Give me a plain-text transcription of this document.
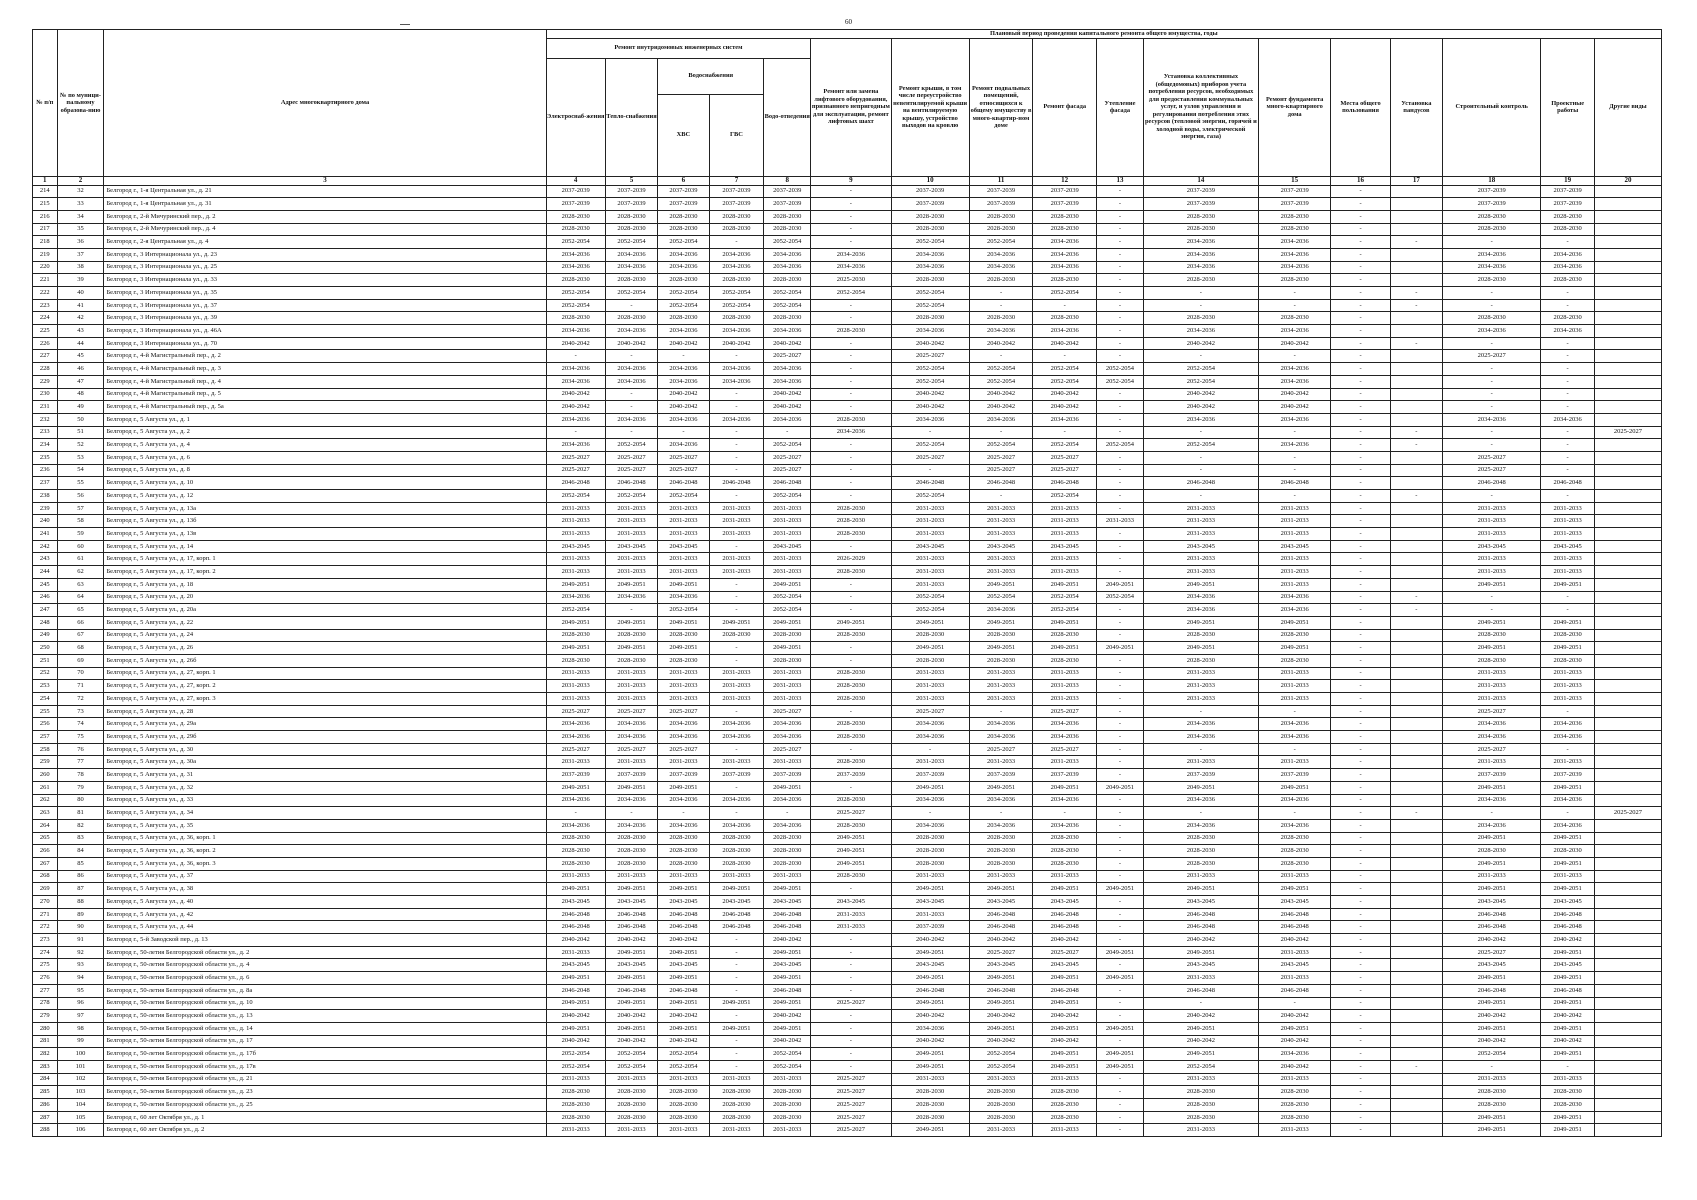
60
№ п/п	№ по муници-пальному образова-нию	Адрес многоквартирного дома	Плановый период проведения капитального ремонта общего имущества, годы																
			Ремонт внутридомовых инженерных систем					Ремонт или замена лифтового оборудования, признанного непригодным для эксплуатации, ремонт лифтовых шахт	Ремонт крыши, в том числе переустройство невентилируемой крыши на вентилируемую крышу, устройство выходов на кровлю	Ремонт подвальных помещений, относящихся к общему имуществу в много-квартир-ном доме	Ремонт фасада	Утепление фасада	Установка коллективных (общедомовых) приборов учета потребления ресурсов, необходимых для предоставления коммунальных услуг, и узлов управления и регулирования потребления этих ресурсов (тепловой энергии, горячей и холодной воды, электрической энергии, газа)	Ремонт фундамента много-квартирного дома	Места общего пользования	Установка пандусов	Строительный контроль	Проектные работы	Другие виды
			Электроснаб-жения	Тепло-снабжения	Водоснабжения		Водо-отведения												
					ХВС	ГВС													
1	2	3	4	5	6	7	8	9	10	11	12	13	14	15	16	17	18	19	20
214	32	Белгород г., 1-я Центральная ул., д. 21	2037-2039	2037-2039	2037-2039	2037-2039	2037-2039	-	2037-2039	2037-2039	2037-2039	-	2037-2039	2037-2039	-		2037-2039	2037-2039	
215	33	Белгород г., 1-я Центральная ул., д. 31	2037-2039	2037-2039	2037-2039	2037-2039	2037-2039	-	2037-2039	2037-2039	2037-2039	-	2037-2039	2037-2039	-		2037-2039	2037-2039	
216	34	Белгород г., 2-й Мичуринский пер., д. 2	2028-2030	2028-2030	2028-2030	2028-2030	2028-2030	-	2028-2030	2028-2030	2028-2030	-	2028-2030	2028-2030	-		2028-2030	2028-2030	
217	35	Белгород г., 2-й Мичуринский пер., д. 4	2028-2030	2028-2030	2028-2030	2028-2030	2028-2030	-	2028-2030	2028-2030	2028-2030	-	2028-2030	2028-2030	-		2028-2030	2028-2030	
218	36	Белгород г., 2-я Центральная ул., д. 4	2052-2054	2052-2054	2052-2054	-	2052-2054	-	2052-2054	2052-2054	2034-2036	-	2034-2036	2034-2036	-	-	-	-	
219	37	Белгород г., 3 Интернационала ул., д. 23	2034-2036	2034-2036	2034-2036	2034-2036	2034-2036	2034-2036	2034-2036	2034-2036	2034-2036	-	2034-2036	2034-2036	-		2034-2036	2034-2036	
220	38	Белгород г., 3 Интернационала ул., д. 25	2034-2036	2034-2036	2034-2036	2034-2036	2034-2036	2034-2036	2034-2036	2034-2036	2034-2036	-	2034-2036	2034-2036	-		2034-2036	2034-2036	
221	39	Белгород г., 3 Интернационала ул., д. 33	2028-2030	2028-2030	2028-2030	2028-2030	2028-2030	2025-2030	2028-2030	2028-2030	2028-2030	-	2028-2030	2028-2030	-		2028-2030	2028-2030	
222	40	Белгород г., 3 Интернационала ул., д. 35	2052-2054	2052-2054	2052-2054	2052-2054	2052-2054	2052-2054	2052-2054	-	2052-2054	-	-	-	-	-	-	-	
223	41	Белгород г., 3 Интернационала ул., д. 37	2052-2054	-	2052-2054	2052-2054	2052-2054	-	2052-2054	-	-	-	-	-	-	-	-	-	
224	42	Белгород г., 3 Интернационала ул., д. 39	2028-2030	2028-2030	2028-2030	2028-2030	2028-2030	-	2028-2030	2028-2030	2028-2030	-	2028-2030	2028-2030	-		2028-2030	2028-2030	
225	43	Белгород г., 3 Интернационала ул., д. 46А	2034-2036	2034-2036	2034-2036	2034-2036	2034-2036	2028-2030	2034-2036	2034-2036	2034-2036	-	2034-2036	2034-2036	-		2034-2036	2034-2036	
226	44	Белгород г., 3 Интернационала ул., д. 70	2040-2042	2040-2042	2040-2042	2040-2042	2040-2042	-	2040-2042	2040-2042	2040-2042	-	2040-2042	2040-2042	-	-	-	-	
227	45	Белгород г., 4-й Магистральный пер., д. 2	-	-	-	-	2025-2027	-	2025-2027	-	-	-	-	-	-		2025-2027	-	
228	46	Белгород г., 4-й Магистральный пер., д. 3	2034-2036	2034-2036	2034-2036	2034-2036	2034-2036	-	2052-2054	2052-2054	2052-2054	2052-2054	2052-2054	2034-2036	-		-	-	
229	47	Белгород г., 4-й Магистральный пер., д. 4	2034-2036	2034-2036	2034-2036	2034-2036	2034-2036	-	2052-2054	2052-2054	2052-2054	2052-2054	2052-2054	2034-2036	-		-	-	
230	48	Белгород г., 4-й Магистральный пер., д. 5	2040-2042	-	2040-2042	-	2040-2042	-	2040-2042	2040-2042	2040-2042	-	2040-2042	2040-2042	-		-	-	
231	49	Белгород г., 4-й Магистральный пер., д. 5а	2040-2042	-	2040-2042	-	2040-2042	-	2040-2042	2040-2042	2040-2042	-	2040-2042	2040-2042	-		-	-	
232	50	Белгород г., 5 Августа ул., д. 1	2034-2036	2034-2036	2034-2036	2034-2036	2034-2036	2028-2030	2034-2036	2034-2036	2034-2036	-	2034-2036	2034-2036	-		2034-2036	2034-2036	
233	51	Белгород г., 5 Августа ул., д. 2	-	-	-	-	-	2034-2036	-	-	-	-	-	-	-	-	-	-	2025-2027
234	52	Белгород г., 5 Августа ул., д. 4	2034-2036	2052-2054	2034-2036	-	2052-2054	-	2052-2054	2052-2054	2052-2054	2052-2054	2052-2054	2034-2036	-	-	-	-	
235	53	Белгород г., 5 Августа ул., д. 6	2025-2027	2025-2027	2025-2027	-	2025-2027	-	2025-2027	2025-2027	2025-2027	-	-	-	-		2025-2027	-	
236	54	Белгород г., 5 Августа ул., д. 8	2025-2027	2025-2027	2025-2027	-	2025-2027	-	-	2025-2027	2025-2027	-	-	-	-		2025-2027	-	
237	55	Белгород г., 5 Августа ул., д. 10	2046-2048	2046-2048	2046-2048	2046-2048	2046-2048	-	2046-2048	2046-2048	2046-2048	-	2046-2048	2046-2048	-		2046-2048	2046-2048	
238	56	Белгород г., 5 Августа ул., д. 12	2052-2054	2052-2054	2052-2054	-	2052-2054	-	2052-2054	-	2052-2054	-	-	-	-	-	-	-	
239	57	Белгород г., 5 Августа ул., д. 13а	2031-2033	2031-2033	2031-2033	2031-2033	2031-2033	2028-2030	2031-2033	2031-2033	2031-2033	-	2031-2033	2031-2033	-		2031-2033	2031-2033	
240	58	Белгород г., 5 Августа ул., д. 13б	2031-2033	2031-2033	2031-2033	2031-2033	2031-2033	2028-2030	2031-2033	2031-2033	2031-2033	2031-2033	2031-2033	2031-2033	-		2031-2033	2031-2033	
241	59	Белгород г., 5 Августа ул., д. 13в	2031-2033	2031-2033	2031-2033	2031-2033	2031-2033	2028-2030	2031-2033	2031-2033	2031-2033	-	2031-2033	2031-2033	-		2031-2033	2031-2033	
242	60	Белгород г., 5 Августа ул., д. 14	2043-2045	2043-2045	2043-2045	-	2043-2045	-	2043-2045	2043-2045	2043-2045	-	2043-2045	2043-2045	-		2043-2045	2043-2045	
243	61	Белгород г., 5 Августа ул., д. 17, корп. 1	2031-2033	2031-2033	2031-2033	2031-2033	2031-2033	2026-2029	2031-2033	2031-2033	2031-2033	-	2031-2033	2031-2033	-		2031-2033	2031-2033	
244	62	Белгород г., 5 Августа ул., д. 17, корп. 2	2031-2033	2031-2033	2031-2033	2031-2033	2031-2033	2028-2030	2031-2033	2031-2033	2031-2033	-	2031-2033	2031-2033	-		2031-2033	2031-2033	
245	63	Белгород г., 5 Августа ул., д. 18	2049-2051	2049-2051	2049-2051	-	2049-2051	-	2031-2033	2049-2051	2049-2051	2049-2051	2049-2051	2031-2033	-		2049-2051	2049-2051	
246	64	Белгород г., 5 Августа ул., д. 20	2034-2036	2034-2036	2034-2036	-	2052-2054	-	2052-2054	2052-2054	2052-2054	2052-2054	2034-2036	2034-2036	-	-	-	-	
247	65	Белгород г., 5 Августа ул., д. 20а	2052-2054	-	2052-2054	-	2052-2054	-	2052-2054	2034-2036	2052-2054	-	2034-2036	2034-2036	-	-	-	-	
248	66	Белгород г., 5 Августа ул., д. 22	2049-2051	2049-2051	2049-2051	2049-2051	2049-2051	2049-2051	2049-2051	2049-2051	2049-2051	-	2049-2051	2049-2051	-		2049-2051	2049-2051	
249	67	Белгород г., 5 Августа ул., д. 24	2028-2030	2028-2030	2028-2030	2028-2030	2028-2030	2028-2030	2028-2030	2028-2030	2028-2030	-	2028-2030	2028-2030	-		2028-2030	2028-2030	
250	68	Белгород г., 5 Августа ул., д. 26	2049-2051	2049-2051	2049-2051	-	2049-2051	-	2049-2051	2049-2051	2049-2051	2049-2051	2049-2051	2049-2051	-		2049-2051	2049-2051	
251	69	Белгород г., 5 Августа ул., д. 26б	2028-2030	2028-2030	2028-2030	-	2028-2030	-	2028-2030	2028-2030	2028-2030	-	2028-2030	2028-2030	-		2028-2030	2028-2030	
252	70	Белгород г., 5 Августа ул., д. 27, корп. 1	2031-2033	2031-2033	2031-2033	2031-2033	2031-2033	2028-2030	2031-2033	2031-2033	2031-2033	-	2031-2033	2031-2033	-		2031-2033	2031-2033	
253	71	Белгород г., 5 Августа ул., д. 27, корп. 2	2031-2033	2031-2033	2031-2033	2031-2033	2031-2033	2028-2030	2031-2033	2031-2033	2031-2033	-	2031-2033	2031-2033	-		2031-2033	2031-2033	
254	72	Белгород г., 5 Августа ул., д. 27, корп. 3	2031-2033	2031-2033	2031-2033	2031-2033	2031-2033	2028-2030	2031-2033	2031-2033	2031-2033	-	2031-2033	2031-2033	-		2031-2033	2031-2033	
255	73	Белгород г., 5 Августа ул., д. 28	2025-2027	2025-2027	2025-2027	-	2025-2027	-	2025-2027	-	2025-2027	-	-	-	-		2025-2027	-	
256	74	Белгород г., 5 Августа ул., д. 29а	2034-2036	2034-2036	2034-2036	2034-2036	2034-2036	2028-2030	2034-2036	2034-2036	2034-2036	-	2034-2036	2034-2036	-		2034-2036	2034-2036	
257	75	Белгород г., 5 Августа ул., д. 29б	2034-2036	2034-2036	2034-2036	2034-2036	2034-2036	2028-2030	2034-2036	2034-2036	2034-2036	-	2034-2036	2034-2036	-		2034-2036	2034-2036	
258	76	Белгород г., 5 Августа ул., д. 30	2025-2027	2025-2027	2025-2027	-	2025-2027	-	-	2025-2027	2025-2027	-	-	-	-		2025-2027	-	
259	77	Белгород г., 5 Августа ул., д. 30а	2031-2033	2031-2033	2031-2033	2031-2033	2031-2033	2028-2030	2031-2033	2031-2033	2031-2033	-	2031-2033	2031-2033	-		2031-2033	2031-2033	
260	78	Белгород г., 5 Августа ул., д. 31	2037-2039	2037-2039	2037-2039	2037-2039	2037-2039	2037-2039	2037-2039	2037-2039	2037-2039	-	2037-2039	2037-2039	-		2037-2039	2037-2039	
261	79	Белгород г., 5 Августа ул., д. 32	2049-2051	2049-2051	2049-2051	-	2049-2051	-	2049-2051	2049-2051	2049-2051	2049-2051	2049-2051	2049-2051	-		2049-2051	2049-2051	
262	80	Белгород г., 5 Августа ул., д. 33	2034-2036	2034-2036	2034-2036	2034-2036	2034-2036	2028-2030	2034-2036	2034-2036	2034-2036	-	2034-2036	2034-2036	-		2034-2036	2034-2036	
263	81	Белгород г., 5 Августа ул., д. 34	-	-	-	-	-	2025-2027	-	-	-	-	-	-	-	-	-	-	2025-2027
264	82	Белгород г., 5 Августа ул., д. 35	2034-2036	2034-2036	2034-2036	2034-2036	2034-2036	2028-2030	2034-2036	2034-2036	2034-2036	-	2034-2036	2034-2036	-		2034-2036	2034-2036	
265	83	Белгород г., 5 Августа ул., д. 36, корп. 1	2028-2030	2028-2030	2028-2030	2028-2030	2028-2030	2049-2051	2028-2030	2028-2030	2028-2030	-	2028-2030	2028-2030	-		2049-2051	2049-2051	
266	84	Белгород г., 5 Августа ул., д. 36, корп. 2	2028-2030	2028-2030	2028-2030	2028-2030	2028-2030	2049-2051	2028-2030	2028-2030	2028-2030	-	2028-2030	2028-2030	-		2028-2030	2028-2030	
267	85	Белгород г., 5 Августа ул., д. 36, корп. 3	2028-2030	2028-2030	2028-2030	2028-2030	2028-2030	2049-2051	2028-2030	2028-2030	2028-2030	-	2028-2030	2028-2030	-		2049-2051	2049-2051	
268	86	Белгород г., 5 Августа ул., д. 37	2031-2033	2031-2033	2031-2033	2031-2033	2031-2033	2028-2030	2031-2033	2031-2033	2031-2033	-	2031-2033	2031-2033	-		2031-2033	2031-2033	
269	87	Белгород г., 5 Августа ул., д. 38	2049-2051	2049-2051	2049-2051	2049-2051	2049-2051	-	2049-2051	2049-2051	2049-2051	2049-2051	2049-2051	2049-2051	-		2049-2051	2049-2051	
270	88	Белгород г., 5 Августа ул., д. 40	2043-2045	2043-2045	2043-2045	2043-2045	2043-2045	2043-2045	2043-2045	2043-2045	2043-2045	-	2043-2045	2043-2045	-		2043-2045	2043-2045	
271	89	Белгород г., 5 Августа ул., д. 42	2046-2048	2046-2048	2046-2048	2046-2048	2046-2048	2031-2033	2031-2033	2046-2048	2046-2048	-	2046-2048	2046-2048	-		2046-2048	2046-2048	
272	90	Белгород г., 5 Августа ул., д. 44	2046-2048	2046-2048	2046-2048	2046-2048	2046-2048	2031-2033	2037-2039	2046-2048	2046-2048	-	2046-2048	2046-2048	-		2046-2048	2046-2048	
273	91	Белгород г., 5-й Заводской пер., д. 13	2040-2042	2040-2042	2040-2042	-	2040-2042	-	2040-2042	2040-2042	2040-2042	-	2040-2042	2040-2042	-		2040-2042	2040-2042	
274	92	Белгород г., 50-летия Белгородской области ул., д. 2	2031-2033	2049-2051	2049-2051	-	2049-2051	-	2049-2051	2025-2027	2025-2027	2049-2051	2049-2051	2031-2033	-		2025-2027	2049-2051	
275	93	Белгород г., 50-летия Белгородской области ул., д. 4	2043-2045	2043-2045	2043-2045	-	2043-2045	-	2043-2045	2043-2045	2043-2045	-	2043-2045	2043-2045	-		2043-2045	2043-2045	
276	94	Белгород г., 50-летия Белгородской области ул., д. 6	2049-2051	2049-2051	2049-2051	-	2049-2051	-	2049-2051	2049-2051	2049-2051	2049-2051	2031-2033	2031-2033	-		2049-2051	2049-2051	
277	95	Белгород г., 50-летия Белгородской области ул., д. 8а	2046-2048	2046-2048	2046-2048	-	2046-2048	-	2046-2048	2046-2048	2046-2048	-	2046-2048	2046-2048	-		2046-2048	2046-2048	
278	96	Белгород г., 50-летия Белгородской области ул., д. 10	2049-2051	2049-2051	2049-2051	2049-2051	2049-2051	2025-2027	2049-2051	2049-2051	2049-2051	-	-	-	-		2049-2051	2049-2051	
279	97	Белгород г., 50-летия Белгородской области ул., д. 13	2040-2042	2040-2042	2040-2042	-	2040-2042	-	2040-2042	2040-2042	2040-2042	-	2040-2042	2040-2042	-		2040-2042	2040-2042	
280	98	Белгород г., 50-летия Белгородской области ул., д. 14	2049-2051	2049-2051	2049-2051	2049-2051	2049-2051	-	2034-2036	2049-2051	2049-2051	2049-2051	2049-2051	2049-2051	-		2049-2051	2049-2051	
281	99	Белгород г., 50-летия Белгородской области ул., д. 17	2040-2042	2040-2042	2040-2042	-	2040-2042	-	2040-2042	2040-2042	2040-2042	-	2040-2042	2040-2042	-		2040-2042	2040-2042	
282	100	Белгород г., 50-летия Белгородской области ул., д. 17б	2052-2054	2052-2054	2052-2054	-	2052-2054	-	2049-2051	2052-2054	2049-2051	2049-2051	2049-2051	2034-2036	-		2052-2054	2049-2051	
283	101	Белгород г., 50-летия Белгородской области ул., д. 17в	2052-2054	2052-2054	2052-2054	-	2052-2054	-	2049-2051	2052-2054	2049-2051	2049-2051	2052-2054	2040-2042	-	-	-	-	
284	102	Белгород г., 50-летия Белгородской области ул., д. 21	2031-2033	2031-2033	2031-2033	2031-2033	2031-2033	2025-2027	2031-2033	2031-2033	2031-2033	-	2031-2033	2031-2033	-		2031-2033	2031-2033	
285	103	Белгород г., 50-летия Белгородской области ул., д. 23	2028-2030	2028-2030	2028-2030	2028-2030	2028-2030	2025-2027	2028-2030	2028-2030	2028-2030	-	2028-2030	2028-2030	-		2028-2030	2028-2030	
286	104	Белгород г., 50-летия Белгородской области ул., д. 25	2028-2030	2028-2030	2028-2030	2028-2030	2028-2030	2025-2027	2028-2030	2028-2030	2028-2030	-	2028-2030	2028-2030	-		2028-2030	2028-2030	
287	105	Белгород г., 60 лет Октября ул., д. 1	2028-2030	2028-2030	2028-2030	2028-2030	2028-2030	2025-2027	2028-2030	2028-2030	2028-2030	-	2028-2030	2028-2030	-		2049-2051	2049-2051	
288	106	Белгород г., 60 лет Октября ул., д. 2	2031-2033	2031-2033	2031-2033	2031-2033	2031-2033	2025-2027	2049-2051	2031-2033	2031-2033	-	2031-2033	2031-2033	-		2049-2051	2049-2051	
